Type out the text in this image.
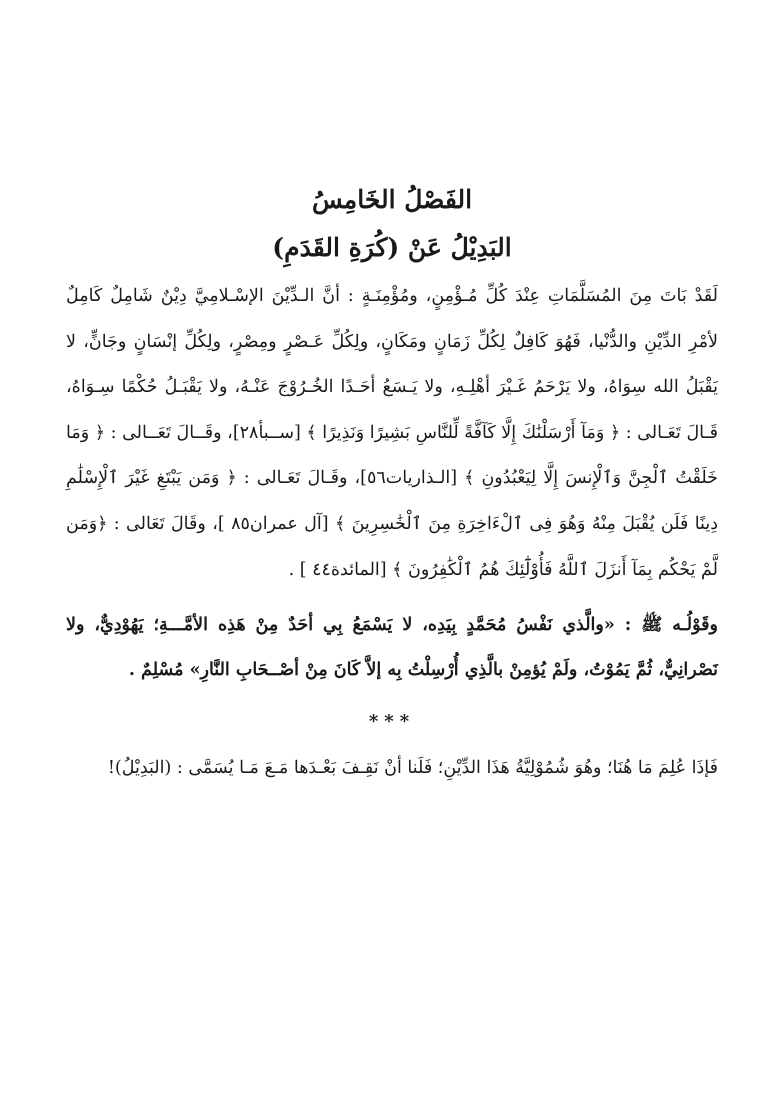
الفَصْلُ الخَامِسُ
البَدِيْلُ عَنْ (كُرَةِ القَدَمِ)

لَقَدْ بَاتَ مِنَ المُسَلَّمَاتِ عِنْدَ كُلِّ مُـؤْمِنٍ، ومُؤْمِنَـةٍ : أنَّ الـدِّيْنَ الإسْـلامِيَّ دِيْنٌ شَامِلٌ كَامِلٌ لأمْرِ الدِّيْنِ والدُّنْيا، فَهُوَ كَافِلٌ لِكُلِّ زَمَانٍ ومَكَانٍ، ولِكُلِّ عَـصْرٍ ومِصْرٍ، ولِكُلِّ إنْسَانٍ وجَانٍّ، لا يَقْبَلُ الله سِوَاهُ، ولا يَرْحَمُ غَـيْرَ أهْلِـهِ، ولا يَـسَعُ أحَـدًا الخُـرُوْجَ عَنْـهُ، ولا يَقْبَـلُ حُكْمًا سِـوَاهُ، قَـالَ تَعَـالى : ﴿ وَمَآ أَرْسَلْنَٰكَ إِلَّا كَآفَّةً لِّلنَّاسِ بَشِيرًا وَنَذِيرًا ﴾ [ســبأ٢٨]، وقَــالَ تَعَــالى : ﴿ وَمَا خَلَقْتُ ٱلْجِنَّ وَٱلْإِنسَ إِلَّا لِيَعْبُدُونِ ﴾ [الـذاريات٥٦]، وقَـالَ تَعَـالى : ﴿ وَمَن يَبْتَغِ غَيْرَ ٱلْإِسْلَٰمِ دِينًا فَلَن يُقْبَلَ مِنْهُ وَهُوَ فِى ٱلْءَاخِرَةِ مِنَ ٱلْخَٰسِرِينَ ﴾ [آل عمران٨٥ ]، وقَالَ تَعَالى : ﴿وَمَن لَّمْ يَحْكُم بِمَآ أَنزَلَ ٱللَّهُ فَأُوْلَٰٓئِكَ هُمُ ٱلْكَٰفِرُونَ ﴾ [المائدة٤٤ ] .

وقَوْلُـه ﷺ : «والَّذي نَفْسُ مُحَمَّدٍ بِيَدِه، لا يَسْمَعُ بِي أحَدٌ مِنْ هَذِه الأمَّـــةِ؛ يَهُوْدِيٌّ، ولا نَصْرانِيٌّ، ثُمَّ يَمُوْتُ، ولَمْ يُؤمِنْ بالَّذِي أُرْسِلْتُ بِه إلاَّ كَانَ مِنْ أصْــحَابِ النَّارِ» مُسْلِمٌ .

***

فَإذَا عُلِمَ مَا هُنَا؛ وهُوَ شُمُوْلِيَّةُ هَذَا الدِّيْنِ؛ فَلَنا أنْ نَقِـفَ بَعْـدَها مَـعَ مَـا يُسَمَّى : (البَدِيْلُ)!
